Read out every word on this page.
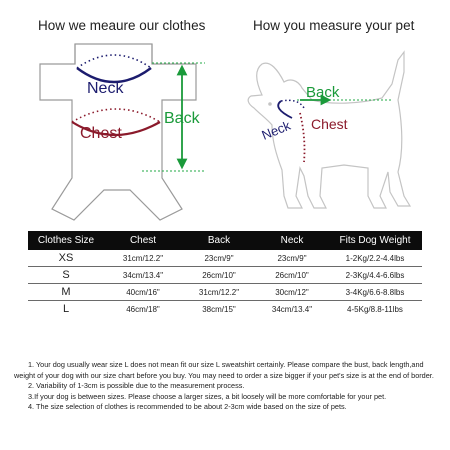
How we meaure our clothes	How you measure your pet
Neck
Chest
Back
Back
Neck Chest
Clothes Size	Chest	Back	Neck	Fits Dog Weight
XS	31cm/12.2"	23cm/9"	23cm/9"	1-2Kg/2.2-4.4lbs
S	34cm/13.4"	26cm/10"	26cm/10"	2-3Kg/4.4-6.6lbs
M	40cm/16"	31cm/12.2"	30cm/12"	3-4Kg/6.6-8.8lbs
L	46cm/18"	38cm/15"	34cm/13.4"	4-5Kg/8.8-11lbs

1. Your dog usually wear size L does not mean fit our size L sweatshirt certainly. Please compare the bust, back length,and weight of your dog with our size chart before you buy. You may need to order a size bigger if your pet's size is at the end of border.

2. Variability of 1-3cm is possible due to the measurement process.

3.If your dog is between sizes. Please choose a larger sizes, a bit loosely will be more comfortable for your pet.

4. The size selection of clothes is recommended to be about 2-3cm wide based on the size of pets.
